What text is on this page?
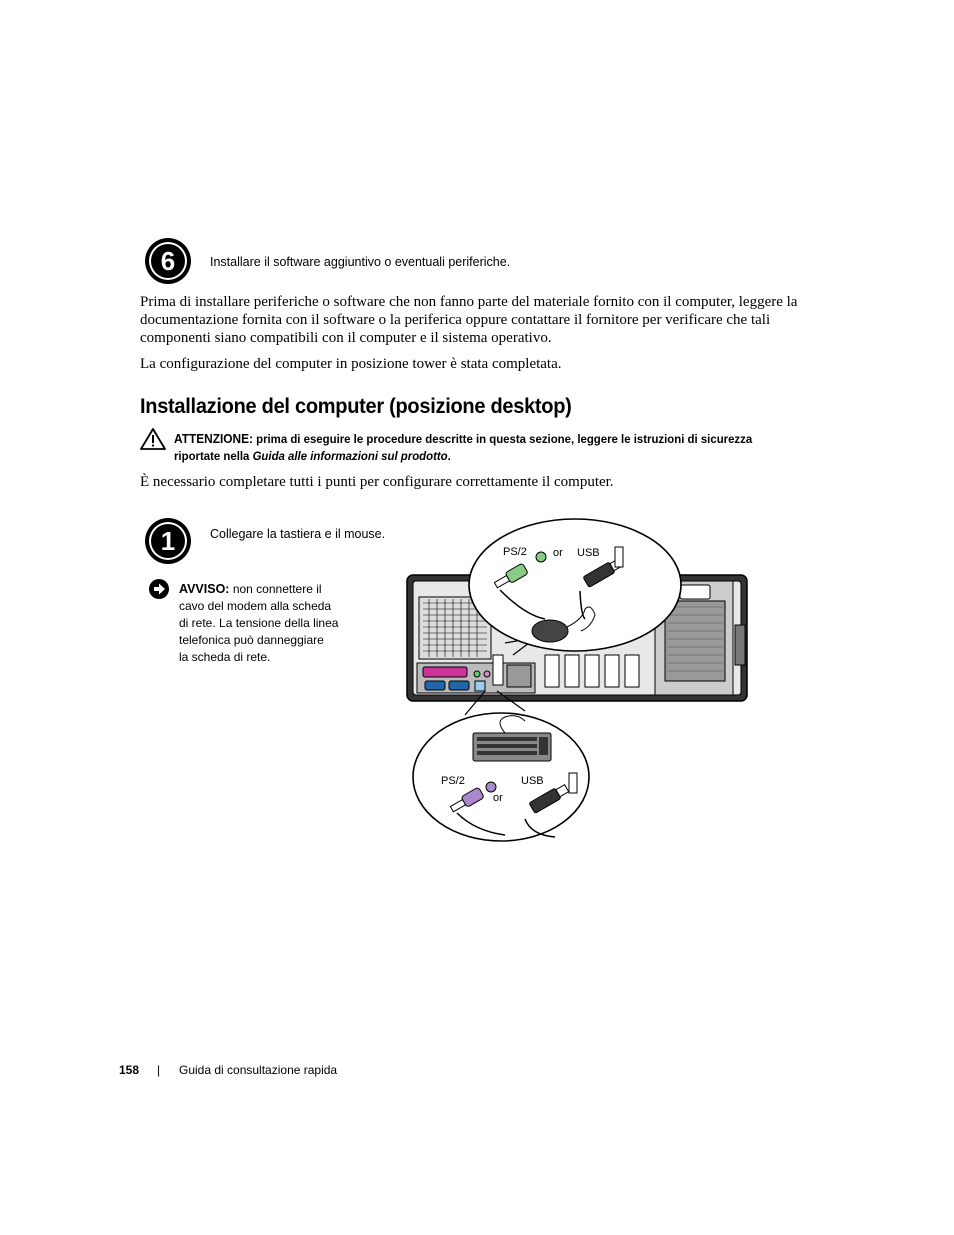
6	Installare il software aggiuntivo o eventuali periferiche.
Prima di installare periferiche o software che non fanno parte del materiale fornito con il computer, leggere la documentazione fornita con il software o la periferica oppure contattare il fornitore per verificare che tali componenti siano compatibili con il computer e il sistema operativo.
La configurazione del computer in posizione tower è stata completata.
Installazione del computer (posizione desktop)
ATTENZIONE: prima di eseguire le procedure descritte in questa sezione, leggere le istruzioni di sicurezza
riportate nella Guida alle informazioni sul prodotto.
È necessario completare tutti i punti per configurare correttamente il computer.
1	Collegare la tastiera e il mouse.
AVVISO: non connettere il
cavo del modem alla scheda
di rete. La tensione della linea
telefonica può danneggiare
la scheda di rete.
PS/2 or USB
PS/2
or
USB
158 | Guida di consultazione rapida
